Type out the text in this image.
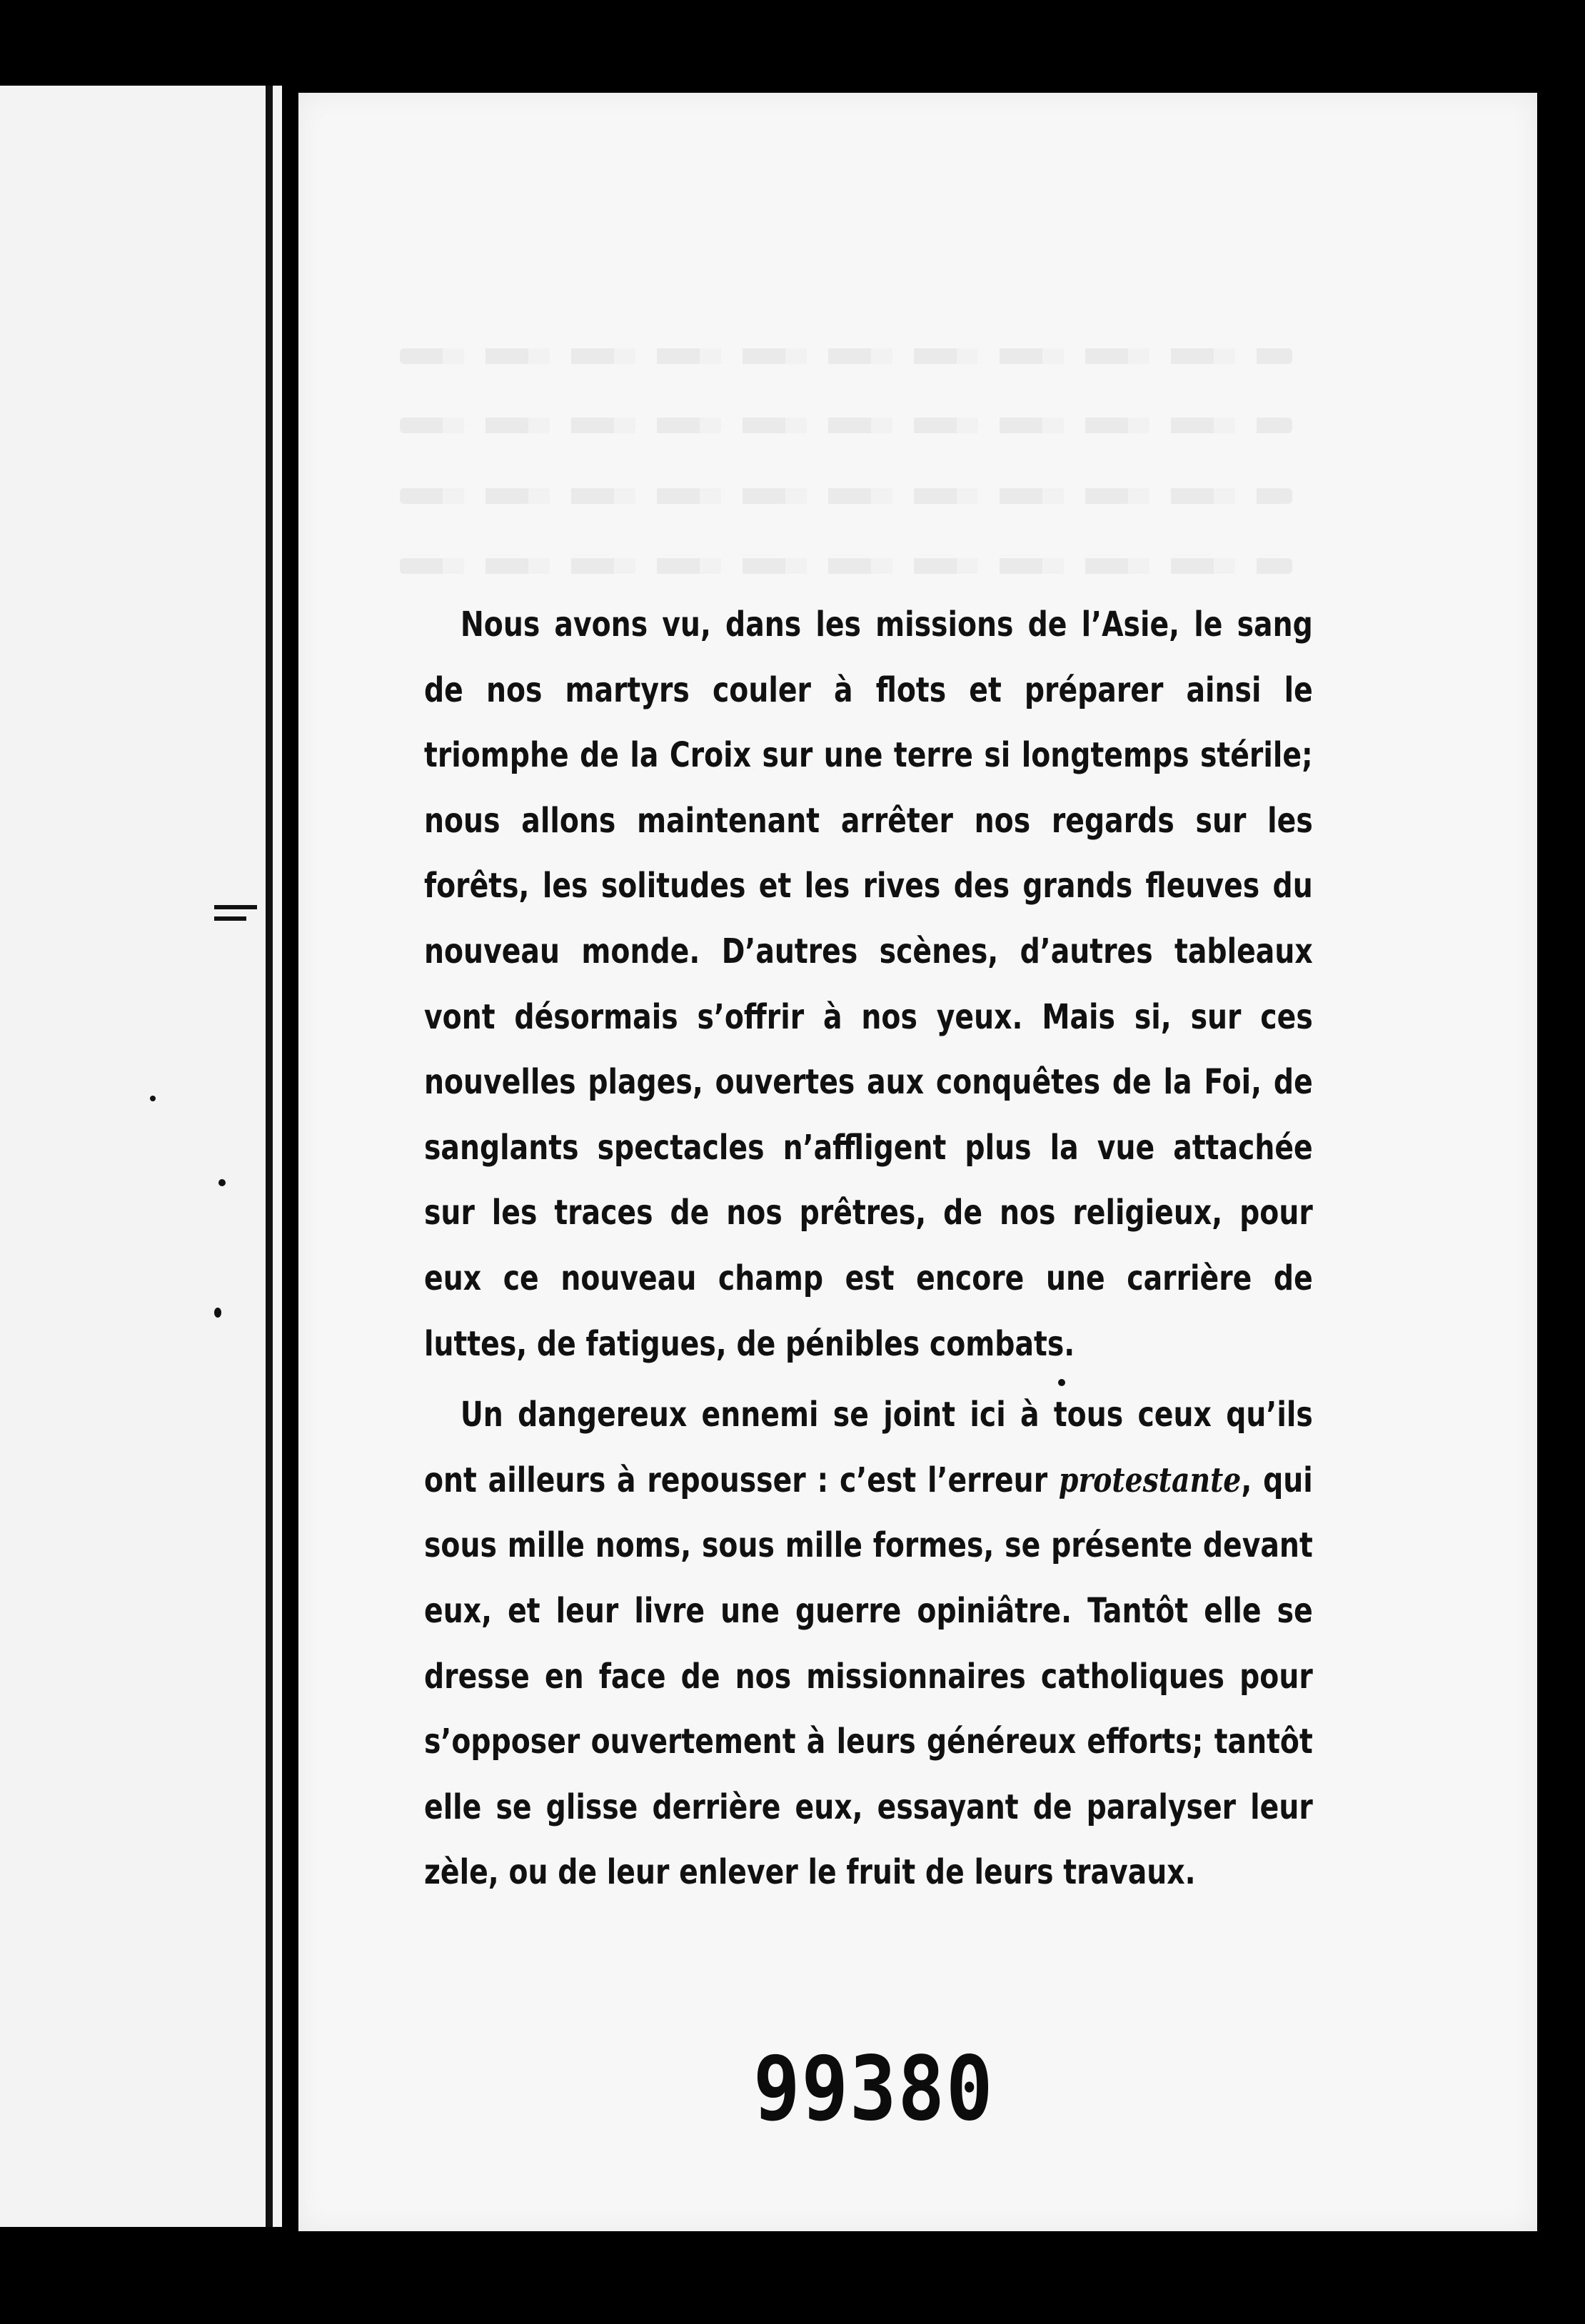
Nous avons vu, dans les missions de l’Asie, le sang de nos martyrs couler à flots et préparer ainsi le triomphe de la Croix sur une terre si longtemps stérile; nous allons maintenant arrêter nos regards sur les forêts, les solitudes et les rives des grands fleuves du nouveau monde. D’autres scènes, d’autres tableaux vont désormais s’offrir à nos yeux. Mais si, sur ces nouvelles plages, ouvertes aux conquêtes de la Foi, de sanglants spectacles n’affligent plus la vue attachée sur les traces de nos prêtres, de nos religieux, pour eux ce nouveau champ est encore une carrière de luttes, de fatigues, de pénibles combats.

Un dangereux ennemi se joint ici à tous ceux qu’ils ont ailleurs à repousser : c’est l’erreur protestante, qui sous mille noms, sous mille formes, se présente devant eux, et leur livre une guerre opiniâtre. Tantôt elle se dresse en face de nos missionnaires catholiques pour s’opposer ouvertement à leurs généreux efforts; tantôt elle se glisse derrière eux, essayant de paralyser leur zèle, ou de leur enlever le fruit de leurs travaux.

99380
